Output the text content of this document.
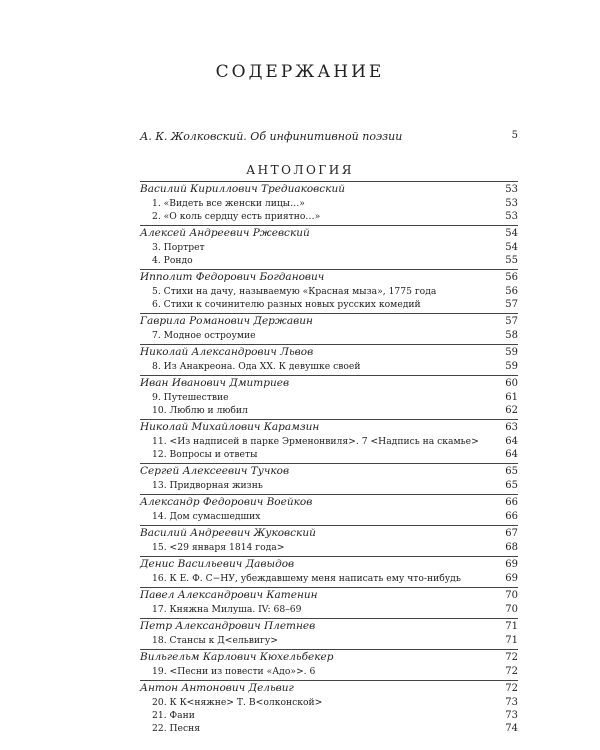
СОДЕРЖАНИЕ
А. К. Жолковский. Об инфинитивной поэзии	5
АНТОЛОГИЯ
Василий Кириллович Тредиаковский	53
1. «Видеть все женски лицы…»	53
2. «О коль сердцу есть приятно…»	53
Алексей Андреевич Ржевский	54
3. Портрет	54
4. Рондо	55
Ипполит Федорович Богданович	56
5. Стихи на дачу, называемую «Красная мыза», 1775 года	56
6. Стихи к сочинителю разных новых русских комедий	57
Гаврила Романович Державин	57
7. Модное остроумие	58
Николай Александрович Львов	59
8. Из Анакреона. Ода XX. К девушке своей	59
Иван Иванович Дмитриев	60
9. Путешествие	61
10. Люблю и любил	62
Николай Михайлович Карамзин	63
11. <Из надписей в парке Эрменонвиля>. 7 <Надпись на скамье>	64
12. Вопросы и ответы	64
Сергей Алексеевич Тучков	65
13. Придворная жизнь	65
Александр Федорович Воейков	66
14. Дом сумасшедших	66
Василий Андреевич Жуковский	67
15. <29 января 1814 года>	68
Денис Васильевич Давыдов	69
16. К Е. Ф. С−НУ, убеждавшему меня написать ему что-нибудь	69
Павел Александрович Катенин	70
17. Княжна Милуша. IV: 68–69	70
Петр Александрович Плетнев	71
18. Стансы к Д<ельвигу>	71
Вильгельм Карлович Кюхельбекер	72
19. <Песни из повести «Адо»>. 6	72
Антон Антонович Дельвиг	72
20. К К<няжне> Т. В<олконской>	73
21. Фани	73
22. Песня	74
